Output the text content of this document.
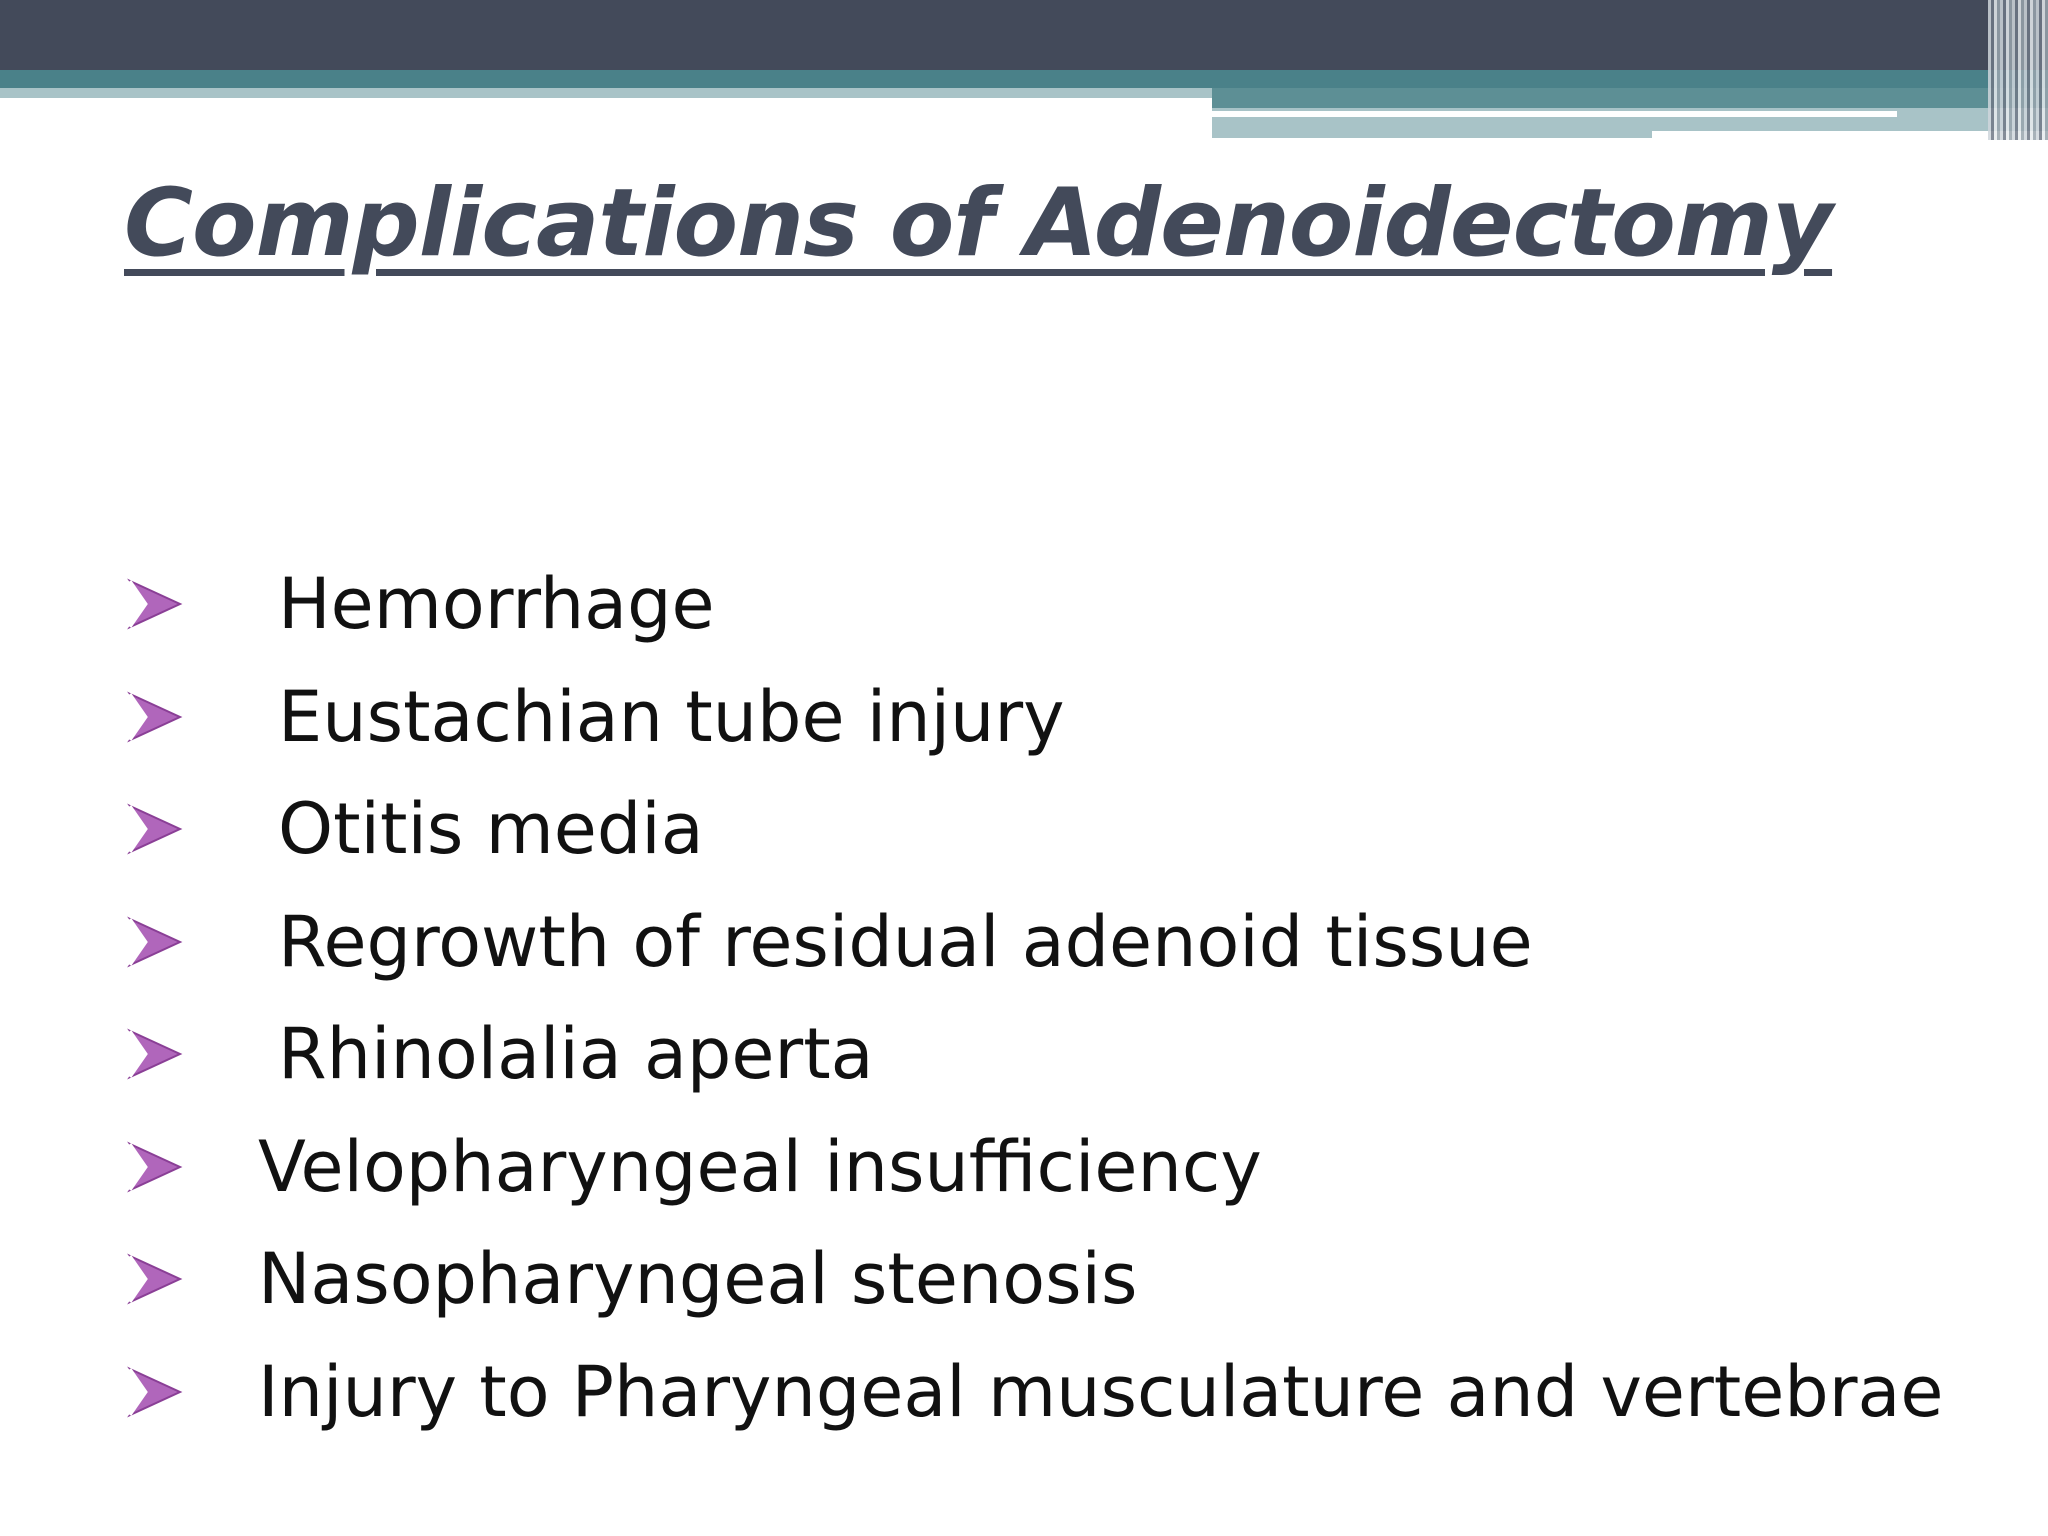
Complications of Adenoidectomy
Hemorrhage
Eustachian tube injury
Otitis media
Regrowth of residual adenoid tissue
Rhinolalia aperta
Velopharyngeal insufficiency
Nasopharyngeal stenosis
Injury to Pharyngeal musculature and vertebrae
